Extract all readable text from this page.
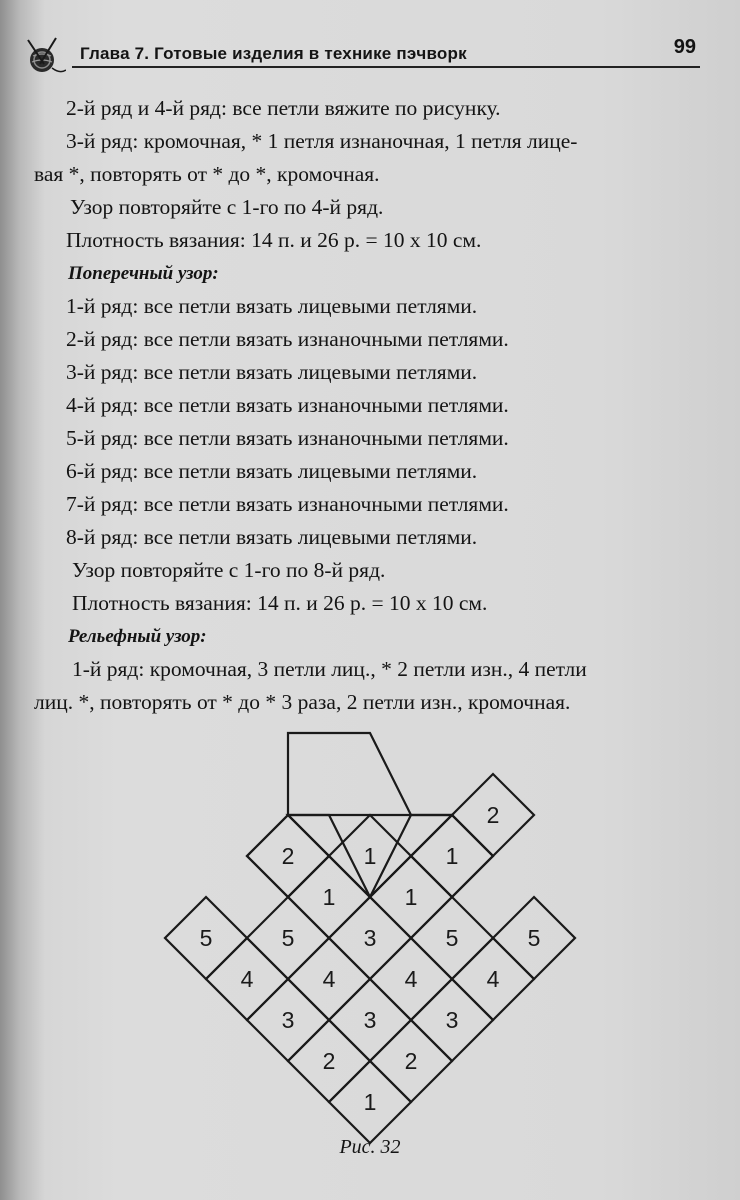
Глава 7. Готовые изделия в технике пэчворк	99

2-й ряд и 4-й ряд: все петли вяжите по рисунку.

3-й ряд: кромочная, * 1 петля изнаночная, 1 петля лице-

вая *, повторять от * до *, кромочная.

Узор повторяйте с 1-го по 4-й ряд.

Плотность вязания: 14 п. и 26 р. = 10 х 10 см.

Поперечный узор:

1-й ряд: все петли вязать лицевыми петлями.

2-й ряд: все петли вязать изнаночными петлями.

3-й ряд: все петли вязать лицевыми петлями.

4-й ряд: все петли вязать изнаночными петлями.

5-й ряд: все петли вязать изнаночными петлями.

6-й ряд: все петли вязать лицевыми петлями.

7-й ряд: все петли вязать изнаночными петлями.

8-й ряд: все петли вязать лицевыми петлями.

Узор повторяйте с 1-го по 8-й ряд.

Плотность вязания: 14 п. и 26 р. = 10 х 10 см.

Рельефный узор:

1-й ряд: кромочная, 3 петли лиц., * 2 петли изн., 4 петли

лиц. *, повторять от * до * 3 раза, 2 петли изн., кромочная.

1
2	2
3	3	3
4	4	4	4
5	5	3	5	5
1	1
1	1
2
2
Рис. 32
